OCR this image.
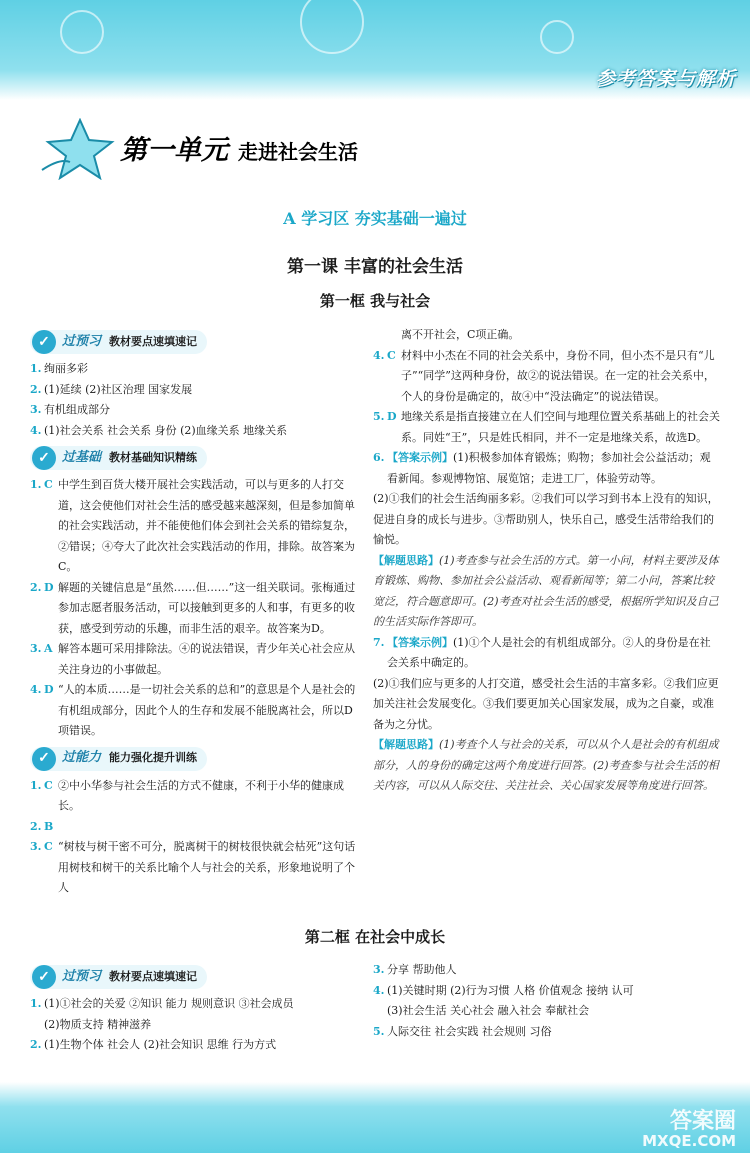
参考答案与解析
第一单元 走进社会生活
A 学习区 夯实基础一遍过
第一课 丰富的社会生活
第一框 我与社会
✓ 过预习 教材要点速填速记
1. 绚丽多彩
2. (1)延续 (2)社区治理 国家发展
3. 有机组成部分
4. (1)社会关系 社会关系 身份 (2)血缘关系 地缘关系
✓ 过基础 教材基础知识精练
1. C 中学生到百货大楼开展社会实践活动，可以与更多的人打交道，这会使他们对社会生活的感受越来越深刻，但是参加简单的社会实践活动，并不能使他们体会到社会关系的错综复杂，②错误；④夸大了此次社会实践活动的作用，排除。故答案为C。
2. D 解题的关键信息是“虽然……但……”这一组关联词。张梅通过参加志愿者服务活动，可以接触到更多的人和事，有更多的收获，感受到劳动的乐趣，而非生活的艰辛。故答案为D。
3. A 解答本题可采用排除法。④的说法错误，青少年关心社会应从关注身边的小事做起。
4. D “人的本质……是一切社会关系的总和”的意思是个人是社会的有机组成部分，因此个人的生存和发展不能脱离社会，所以D项错误。
✓ 过能力 能力强化提升训练
1. C ②中小华参与社会生活的方式不健康，不利于小华的健康成长。
2. B
3. C “树枝与树干密不可分，脱离树干的树枝很快就会枯死”这句话用树枝和树干的关系比喻个人与社会的关系，形象地说明了个人
离不开社会，C项正确。
4. C 材料中小杰在不同的社会关系中，身份不同，但小杰不是只有“儿子”“同学”这两种身份，故②的说法错误。在一定的社会关系中，个人的身份是确定的，故④中“没法确定”的说法错误。
5. D 地缘关系是指直接建立在人们空间与地理位置关系基础上的社会关系。同姓“王”，只是姓氏相同，并不一定是地缘关系，故选D。
6. 【答案示例】(1)积极参加体育锻炼；购物；参加社会公益活动；观看新闻。参观博物馆、展览馆；走进工厂，体验劳动等。
(2)①我们的社会生活绚丽多彩。②我们可以学习到书本上没有的知识，促进自身的成长与进步。③帮助别人，快乐自己，感受生活带给我们的愉悦。
【解题思路】(1)考查参与社会生活的方式。第一小问，材料主要涉及体育锻炼、购物、参加社会公益活动、观看新闻等；第二小问，答案比较宽泛，符合题意即可。(2)考查对社会生活的感受，根据所学知识及自己的生活实际作答即可。
7. 【答案示例】(1)①个人是社会的有机组成部分。②人的身份是在社会关系中确定的。
(2)①我们应与更多的人打交道，感受社会生活的丰富多彩。②我们应更加关注社会发展变化。③我们要更加关心国家发展，成为之自豪，或准备为之分忧。
【解题思路】(1)考查个人与社会的关系，可以从个人是社会的有机组成部分，人的身份的确定这两个角度进行回答。(2)考查参与社会生活的相关内容，可以从人际交往、关注社会、关心国家发展等角度进行回答。
第二框 在社会中成长
✓ 过预习 教材要点速填速记
1. (1)①社会的关爱 ②知识 能力 规则意识 ③社会成员
(2)物质支持 精神滋养
2. (1)生物个体 社会人 (2)社会知识 思维 行为方式
3. 分享 帮助他人
4. (1)关键时期 (2)行为习惯 人格 价值观念 接纳 认可
(3)社会生活 关心社会 融入社会 奉献社会
5. 人际交往 社会实践 社会规则 习俗
答案圈
MXQE.COM
